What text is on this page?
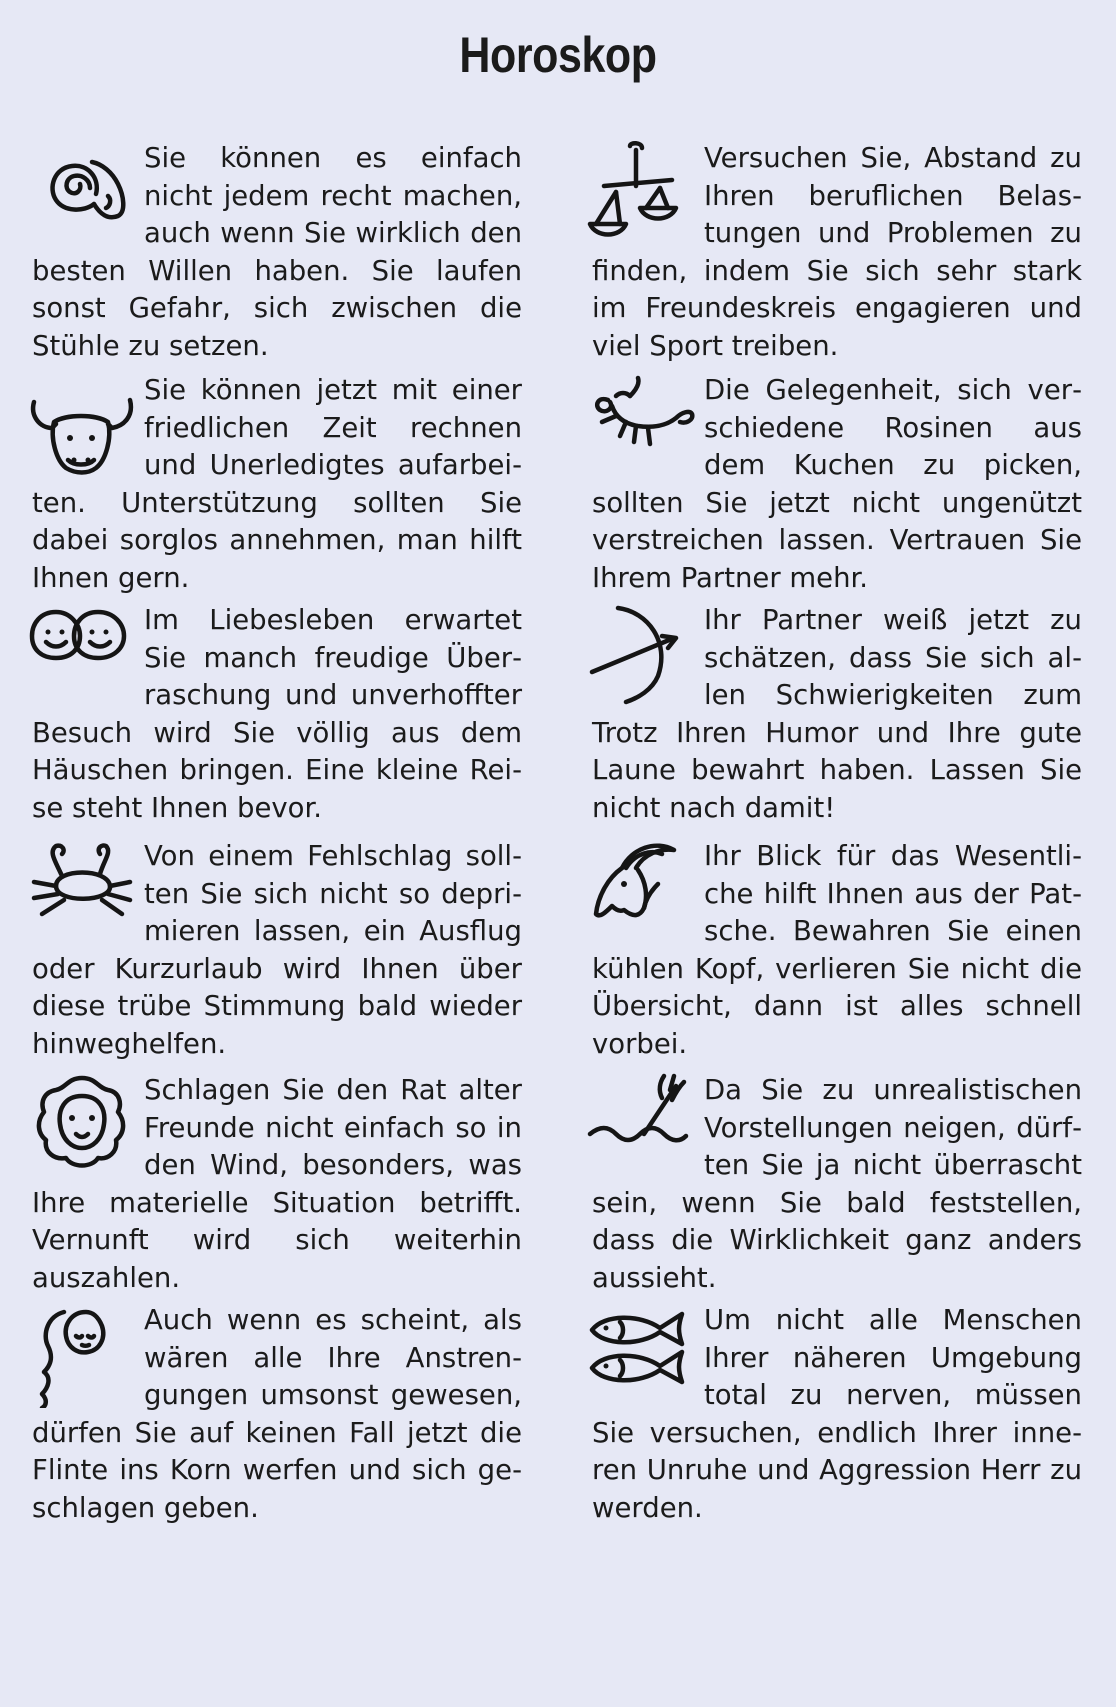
Horoskop

Sie können es einfach nicht jedem recht machen, auch wenn Sie wirklich den besten Willen haben. Sie laufen sonst Gefahr, sich zwischen die Stühle zu setzen.

Sie können jetzt mit einer friedlichen Zeit rechnen und Unerledigtes aufarbeiten. Unterstützung sollten Sie dabei sorglos annehmen, man hilft Ihnen gern.

Im Liebesleben erwartet Sie manch freudige Überraschung und unverhoffter Besuch wird Sie völlig aus dem Häuschen bringen. Eine kleine Reise steht Ihnen bevor.

Von einem Fehlschlag sollten Sie sich nicht so deprimieren lassen, ein Ausflug oder Kurzurlaub wird Ihnen über diese trübe Stimmung bald wieder hinweghelfen.

Schlagen Sie den Rat alter Freunde nicht einfach so in den Wind, besonders, was Ihre materielle Situation betrifft. Vernunft wird sich weiterhin auszahlen.

Auch wenn es scheint, als wären alle Ihre Anstrengungen umsonst gewesen, dürfen Sie auf keinen Fall jetzt die Flinte ins Korn werfen und sich geschlagen geben.

Versuchen Sie, Abstand zu Ihren beruflichen Belastungen und Problemen zu finden, indem Sie sich sehr stark im Freundeskreis engagieren und viel Sport treiben.

Die Gelegenheit, sich verschiedene Rosinen aus dem Kuchen zu picken, sollten Sie jetzt nicht ungenützt verstreichen lassen. Vertrauen Sie Ihrem Partner mehr.

Ihr Partner weiß jetzt zu schätzen, dass Sie sich allen Schwierigkeiten zum Trotz Ihren Humor und Ihre gute Laune bewahrt haben. Lassen Sie nicht nach damit!

Ihr Blick für das Wesentliche hilft Ihnen aus der Patsche. Bewahren Sie einen kühlen Kopf, verlieren Sie nicht die Übersicht, dann ist alles schnell vorbei.

Da Sie zu unrealistischen Vorstellungen neigen, dürften Sie ja nicht überrascht sein, wenn Sie bald feststellen, dass die Wirklichkeit ganz anders aussieht.

Um nicht alle Menschen Ihrer näheren Umgebung total zu nerven, müssen Sie versuchen, endlich Ihrer inneren Unruhe und Aggression Herr zu werden.
